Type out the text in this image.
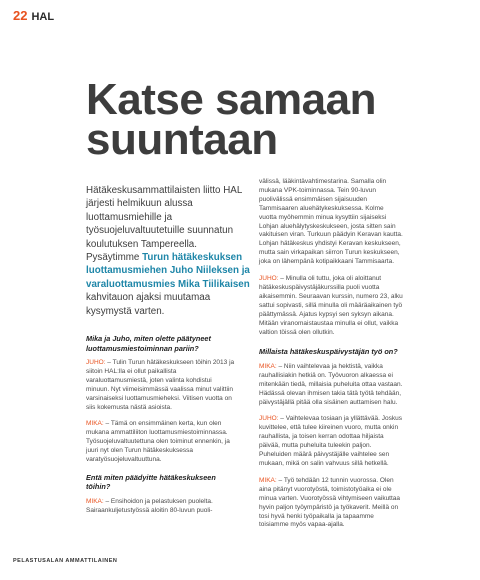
22 HAL
Katse samaan
suuntaan
Hätäkeskusammattilaisten liitto HAL järjesti helmikuun alussa luottamusmiehille ja työsuojeluvaltuutetuille suunnatun koulutuksen Tampereella. Pysäytimme Turun hätäkeskuksen luottamusmiehen Juho Niileksen ja varaluottamusmies Mika Tiilikaisen kahvitauon ajaksi muutamaa kysymystä varten.

Mika ja Juho, miten olette päätyneet luottamusmiestoiminnan pariin?

JUHO: – Tulin Turun hätäkeskukseen töihin 2013 ja siitoin HAL:lla ei ollut paikallista varaluottamusmiestä, joten valinta kohdistui minuun. Nyt viimeisimmässä vaalissa minut valittiin varsinaiseksi luottamusmieheksi. Viitisen vuotta on siis kokemusta nästä asioista.

MIKA: – Tämä on ensimmäinen kerta, kun olen mukana ammattiliiton luottamusmiestoiminnassa. Työsuojeluvaltuutettuna olen toiminut ennenkin, ja juuri nyt olen Turun hätäkeskuksessa varatyösuojeluvaltuuttuna.

Entä miten päädyitte hätäkeskukseen töihin?

MIKA: – Ensihoidon ja pelastuksen puolelta. Sairaankuljetustyössä aloitin 80-luvun puoli-

välissä, lääkintävahtimestarina. Samalla olin mukana VPK-toiminnassa. Tein 90-luvun puolivälissä ensimmäisen sijaisuuden Tammisaaren aluehätykeskuksessa. Kolme vuotta myöhemmin minua kysyttiin sijaiseksi Lohjan aluehälytyskeskukseen, josta sitten sain vakituisen viran. Turkuun päädyin Keravan kautta. Lohjan hätäkeskus yhdistyi Keravan keskukseen, mutta sain virkapaikan siirron Turun keskukseen, joka on lähempänä kotipaikkaani Tammisaarta.

JUHO: – Minulla oli tuttu, joka oli aloittanut hätäkeskuspäivystäjäkurssilla puoli vuotta aikaisemmin. Seuraavan kurssin, numero 23, alku sattui sopivasti, sillä minulla oli määräaikainen työ päättymässä. Ajatus kypsyi sen syksyn aikana. Mitään viranomaistaustaa minulla ei ollut, vaikka valtion töissä olen ollutkin.

Millaista hätäkeskuspäivystäjän työ on?

MIKA: – Niin vaihtelevaa ja hektistä, vaikka rauhallisiakin hetkiä on. Työvuoron alkaessa ei mitenkään tiedä, millaisia puheluita ottaa vastaan. Hädässä olevan ihmisen takia tätä työtä tehdään, päivystäjällä pitää olla sisäinen auttamisen halu.

JUHO: – Vaihtelevaa tosiaan ja yllättävää. Joskus kuvittelee, että tulee kiireinen vuoro, mutta onkin rauhallista, ja toisen kerran odottaa hiljaista päivää, mutta puheluita tuleekin paljon. Puheluiden määrä päivystäjälle vaihtelee sen mukaan, mikä on salin vahvuus sillä hetkellä.

MIKA: – Työ tehdään 12 tunnin vuorossa. Olen aina pitänyt vuorotyöstä, toimistotyöaika ei ole minua varten. Vuorotyössä vihtymiseen vaikuttaa hyvin paljon työympäristö ja työkaverit. Meillä on tosi hyvä henki työpaikalla ja tapaamme toisiamme myös vapaa-ajalla.

PELASTUSALAN AMMATTILAINEN
